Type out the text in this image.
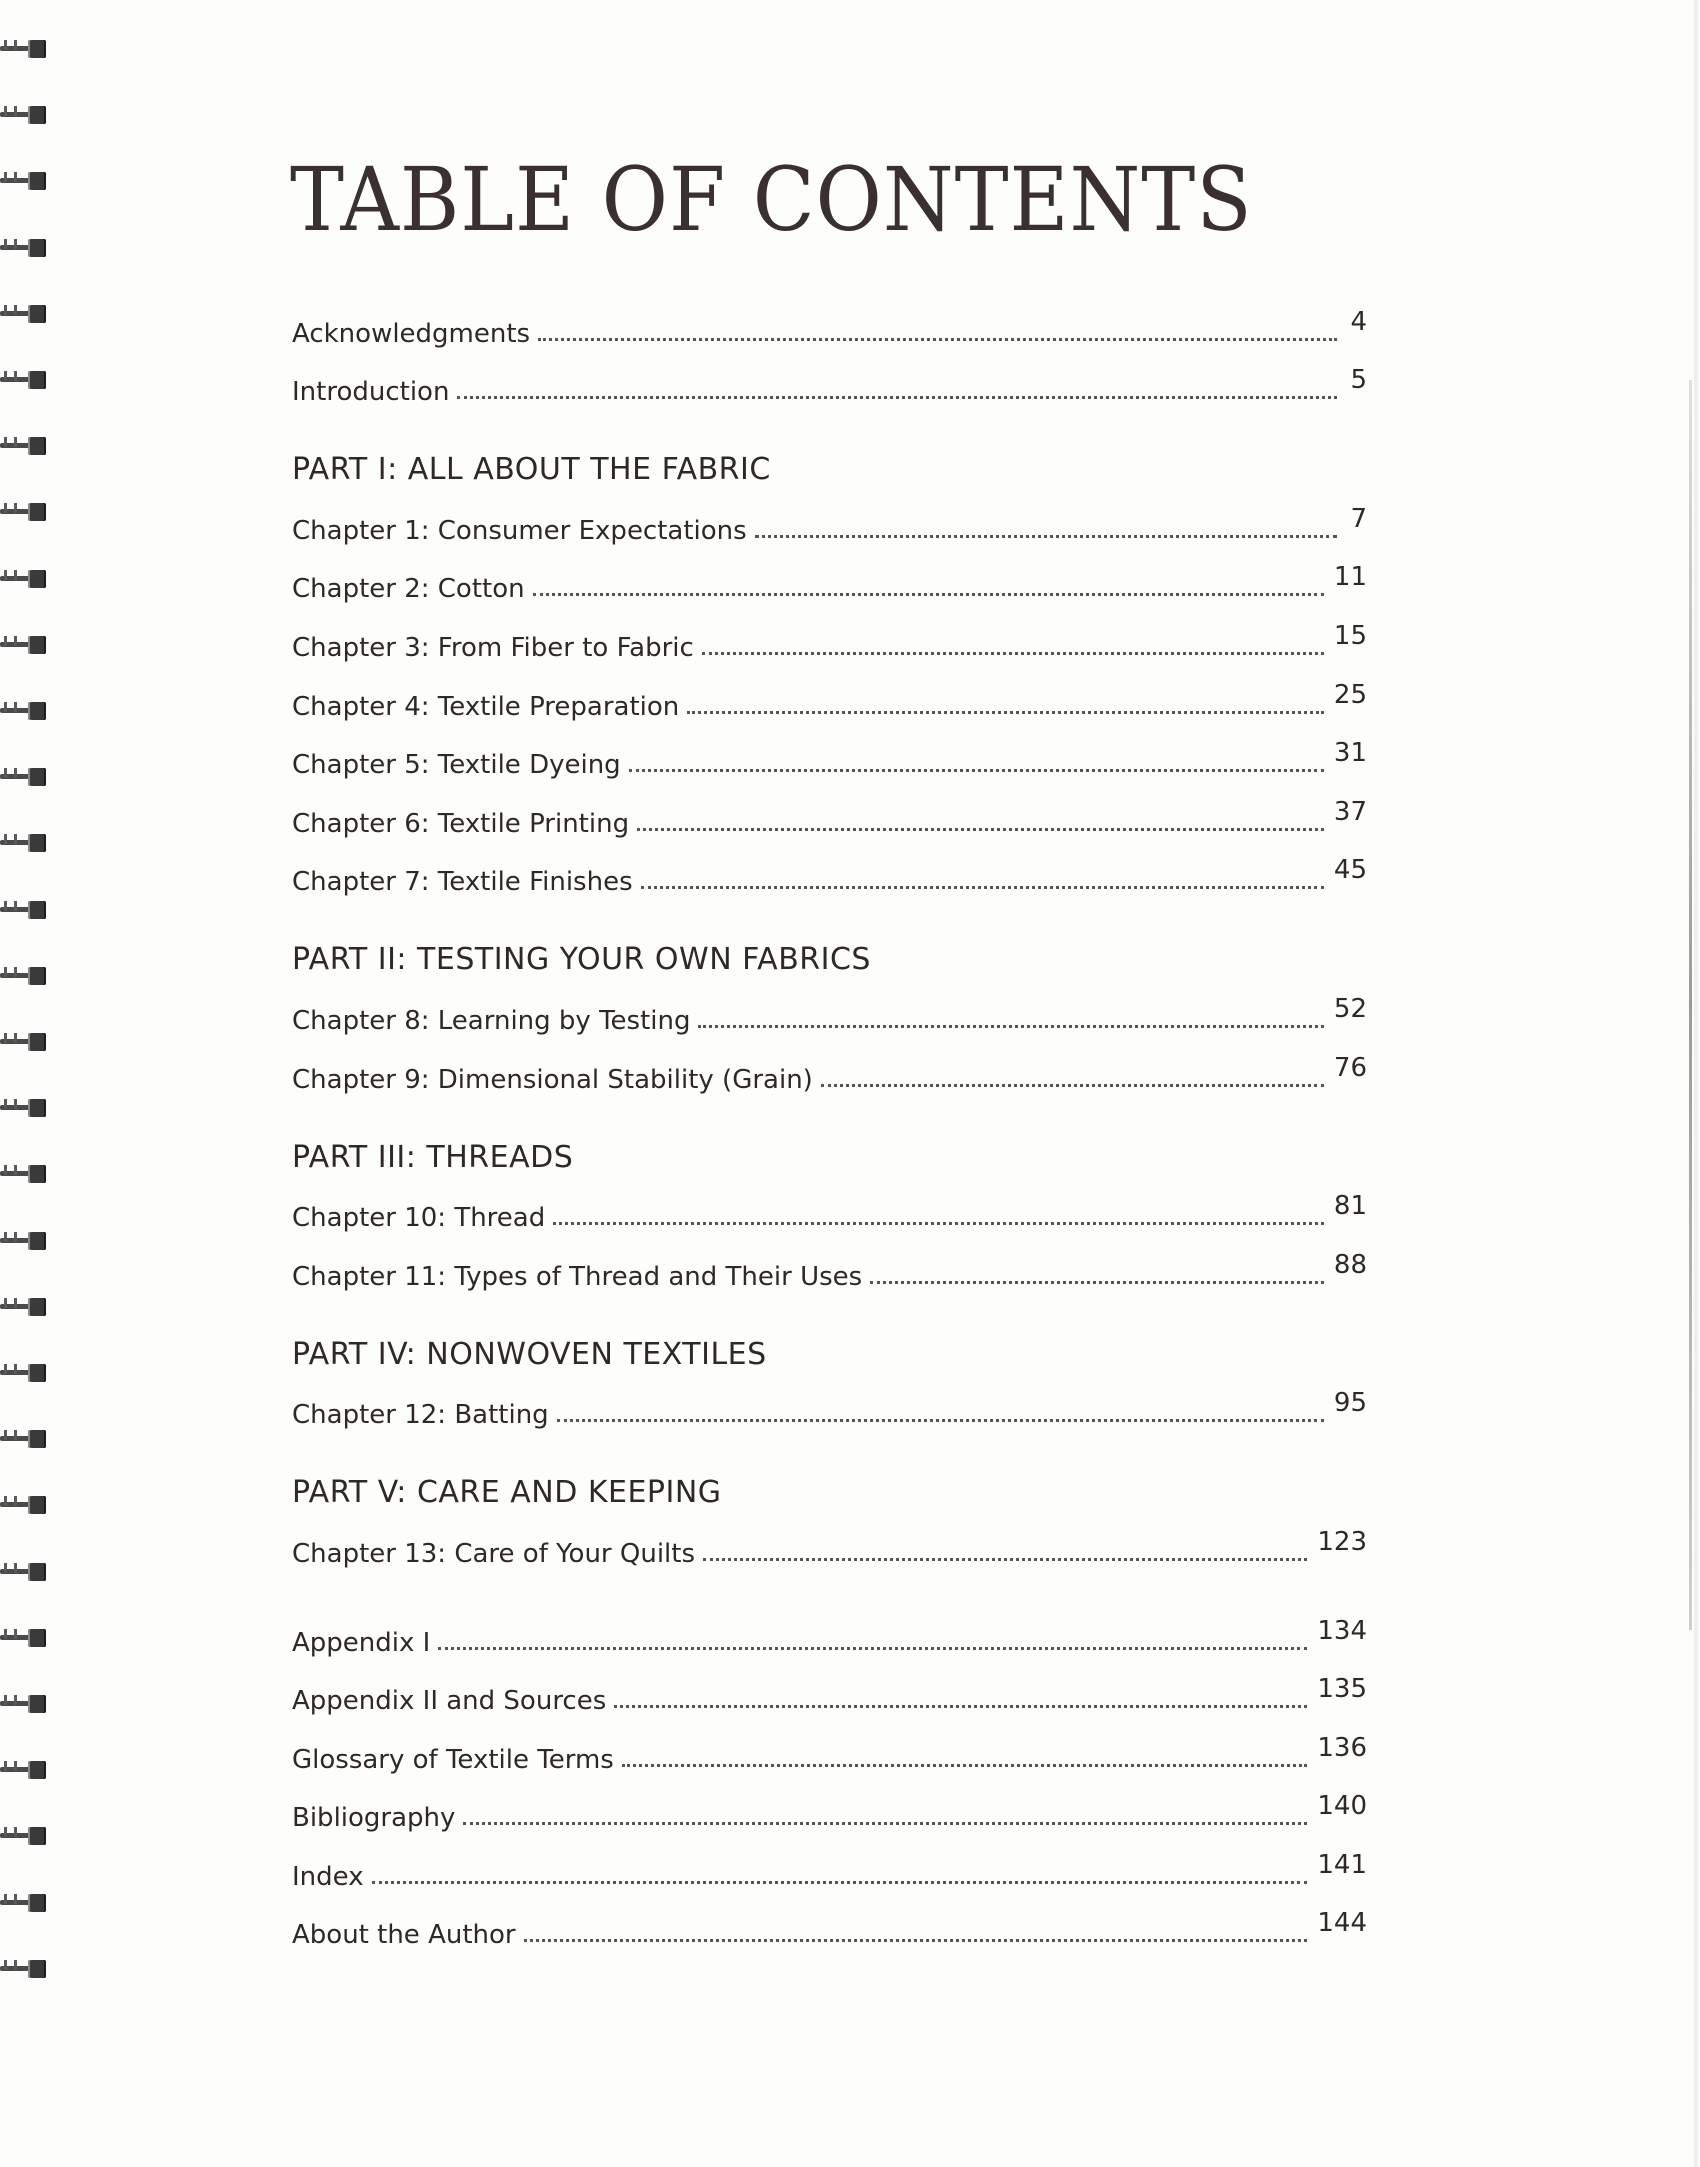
TABLE OF CONTENTS
Acknowledgments	4
Introduction	5
PART I: ALL ABOUT THE FABRIC
Chapter 1: Consumer Expectations	7
Chapter 2: Cotton	11
Chapter 3: From Fiber to Fabric	15
Chapter 4: Textile Preparation	25
Chapter 5: Textile Dyeing	31
Chapter 6: Textile Printing	37
Chapter 7: Textile Finishes	45
PART II: TESTING YOUR OWN FABRICS
Chapter 8: Learning by Testing	52
Chapter 9: Dimensional Stability (Grain)	76
PART III: THREADS
Chapter 10: Thread	81
Chapter 11: Types of Thread and Their Uses	88
PART IV: NONWOVEN TEXTILES
Chapter 12: Batting	95
PART V: CARE AND KEEPING
Chapter 13: Care of Your Quilts	123
Appendix I	134
Appendix II and Sources	135
Glossary of Textile Terms	136
Bibliography	140
Index	141
About the Author	144
